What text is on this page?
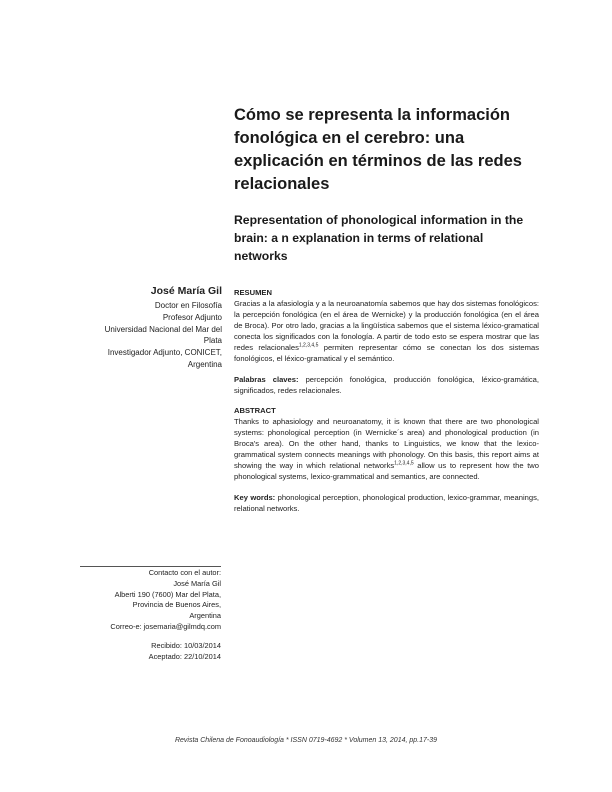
Cómo se representa la información
fonológica en el cerebro: una
explicación en términos de las redes
relacionales
Representation of phonological information in the
brain: a n explanation in terms of relational
networks
José María Gil
Doctor en Filosofía
Profesor Adjunto
Universidad Nacional del Mar del
Plata
Investigador Adjunto, CONICET,
Argentina

RESUMEN

Gracias a la afasiología y a la neuroanatomía sabemos que hay dos sistemas fonológicos: la percepción fonológica (en el área de Wernicke) y la producción fonológica (en el área de Broca). Por otro lado, gracias a la lingüística sabemos que el sistema léxico-gramatical conecta los significados con la fonología. A partir de todo esto se espera mostrar que las redes relacionales$^{1,2,3,4,5}$ permiten representar cómo se conectan los dos sistemas fonológicos, el léxico-gramatical y el semántico.

Palabras claves: percepción fonológica, producción fonológica, léxico-gramática, significados, redes relacionales.

ABSTRACT

Thanks to aphasiology and neuroanatomy, it is known that there are two phonological systems: phonological perception (in Wernicke´s area) and phonological production (in Broca's area). On the other hand, thanks to Linguistics, we know that the lexico-grammatical system connects meanings with phonology. On this basis, this report aims at showing the way in which relational networks$^{1,2,3,4,5}$ allow us to represent how the two phonological systems, lexico-grammatical and semantics, are connected.

Key words: phonological perception, phonological production, lexico-grammar, meanings, relational networks.

Contacto con el autor:
José María Gil
Alberti 190 (7600) Mar del Plata,
Provincia de Buenos Aires,
Argentina
Correo-e: josemaria@gilmdq.com
Recibido: 10/03/2014
Aceptado: 22/10/2014
Revista Chilena de Fonoaudiología * ISSN 0719-4692 * Volumen 13, 2014, pp.17-39
